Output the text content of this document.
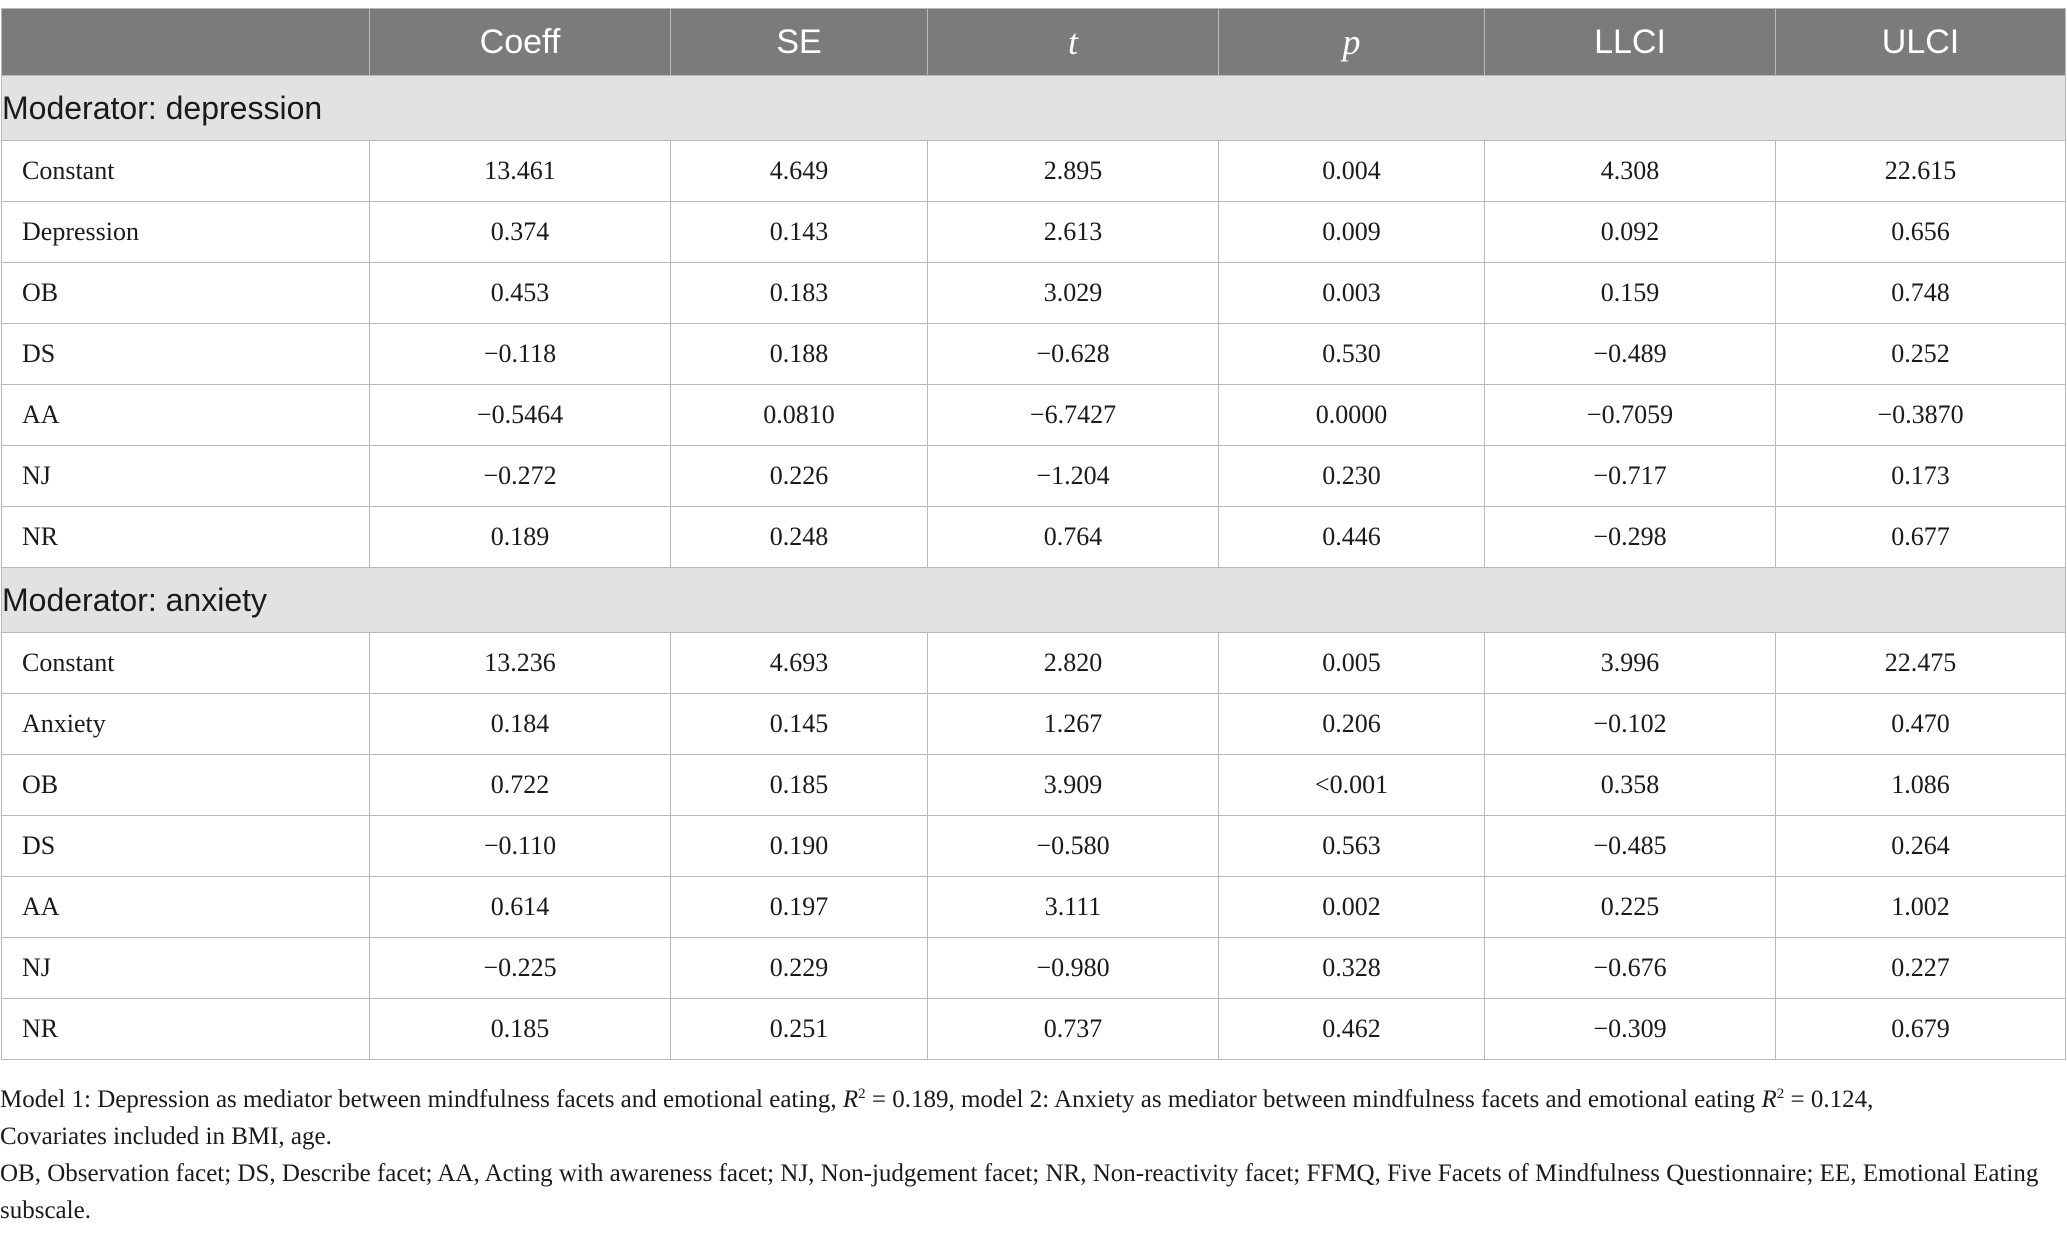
	Coeff	SE	t	p	LLCI	ULCI
Moderator: depression						
Constant	13.461	4.649	2.895	0.004	4.308	22.615
Depression	0.374	0.143	2.613	0.009	0.092	0.656
OB	0.453	0.183	3.029	0.003	0.159	0.748
DS	−0.118	0.188	−0.628	0.530	−0.489	0.252
AA	−0.5464	0.0810	−6.7427	0.0000	−0.7059	−0.3870
NJ	−0.272	0.226	−1.204	0.230	−0.717	0.173
NR	0.189	0.248	0.764	0.446	−0.298	0.677
Moderator: anxiety						
Constant	13.236	4.693	2.820	0.005	3.996	22.475
Anxiety	0.184	0.145	1.267	0.206	−0.102	0.470
OB	0.722	0.185	3.909	<0.001	0.358	1.086
DS	−0.110	0.190	−0.580	0.563	−0.485	0.264
AA	0.614	0.197	3.111	0.002	0.225	1.002
NJ	−0.225	0.229	−0.980	0.328	−0.676	0.227
NR	0.185	0.251	0.737	0.462	−0.309	0.679

Model 1: Depression as mediator between mindfulness facets and emotional eating, $R^2 = 0.189$, model 2: Anxiety as mediator between mindfulness facets and emotional eating $R^2 = 0.124$,

Covariates included in BMI, age.

OB, Observation facet; DS, Describe facet; AA, Acting with awareness facet; NJ, Non-judgement facet; NR, Non-reactivity facet; FFMQ, Five Facets of Mindfulness Questionnaire; EE, Emotional Eating subscale.
